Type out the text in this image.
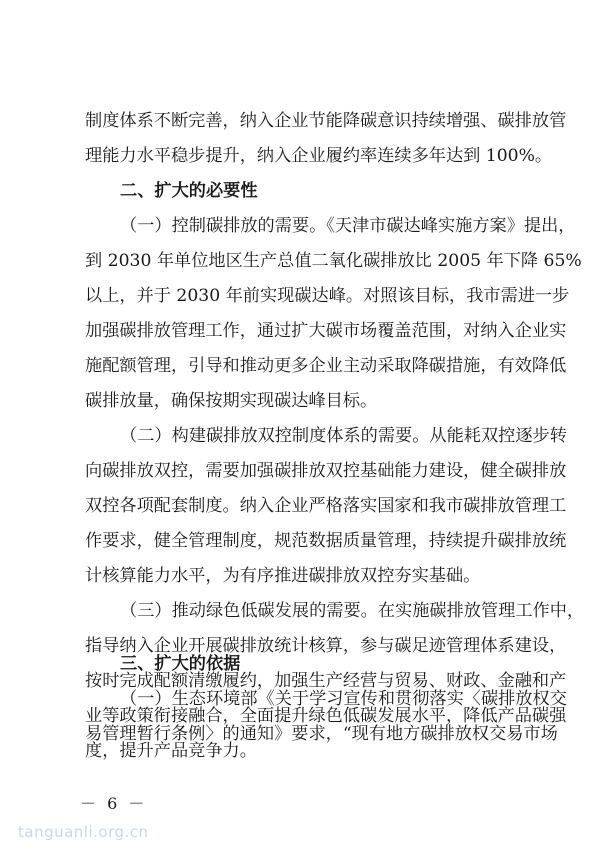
制度体系不断完善，纳入企业节能降碳意识持续增强、碳排放管
理能力水平稳步提升，纳入企业履约率连续多年达到 100%。
二、扩大的必要性
（一）控制碳排放的需要。《天津市碳达峰实施方案》提出，
到 2030 年单位地区生产总值二氧化碳排放比 2005 年下降 65%
以上，并于 2030 年前实现碳达峰。对照该目标，我市需进一步
加强碳排放管理工作，通过扩大碳市场覆盖范围，对纳入企业实
施配额管理，引导和推动更多企业主动采取降碳措施，有效降低
碳排放量，确保按期实现碳达峰目标。
（二）构建碳排放双控制度体系的需要。从能耗双控逐步转
向碳排放双控，需要加强碳排放双控基础能力建设，健全碳排放
双控各项配套制度。纳入企业严格落实国家和我市碳排放管理工
作要求，健全管理制度，规范数据质量管理，持续提升碳排放统
计核算能力水平，为有序推进碳排放双控夯实基础。
（三）推动绿色低碳发展的需要。在实施碳排放管理工作中，
指导纳入企业开展碳排放统计核算，参与碳足迹管理体系建设，
按时完成配额清缴履约，加强生产经营与贸易、财政、金融和产
业等政策衔接融合，全面提升绿色低碳发展水平，降低产品碳强
度，提升产品竞争力。
三、扩大的依据
（一）生态环境部《关于学习宣传和贯彻落实〈碳排放权交
易管理暂行条例〉的通知》要求，“现有地方碳排放权交易市场
－ 6 －
tanguanli.org.cn
